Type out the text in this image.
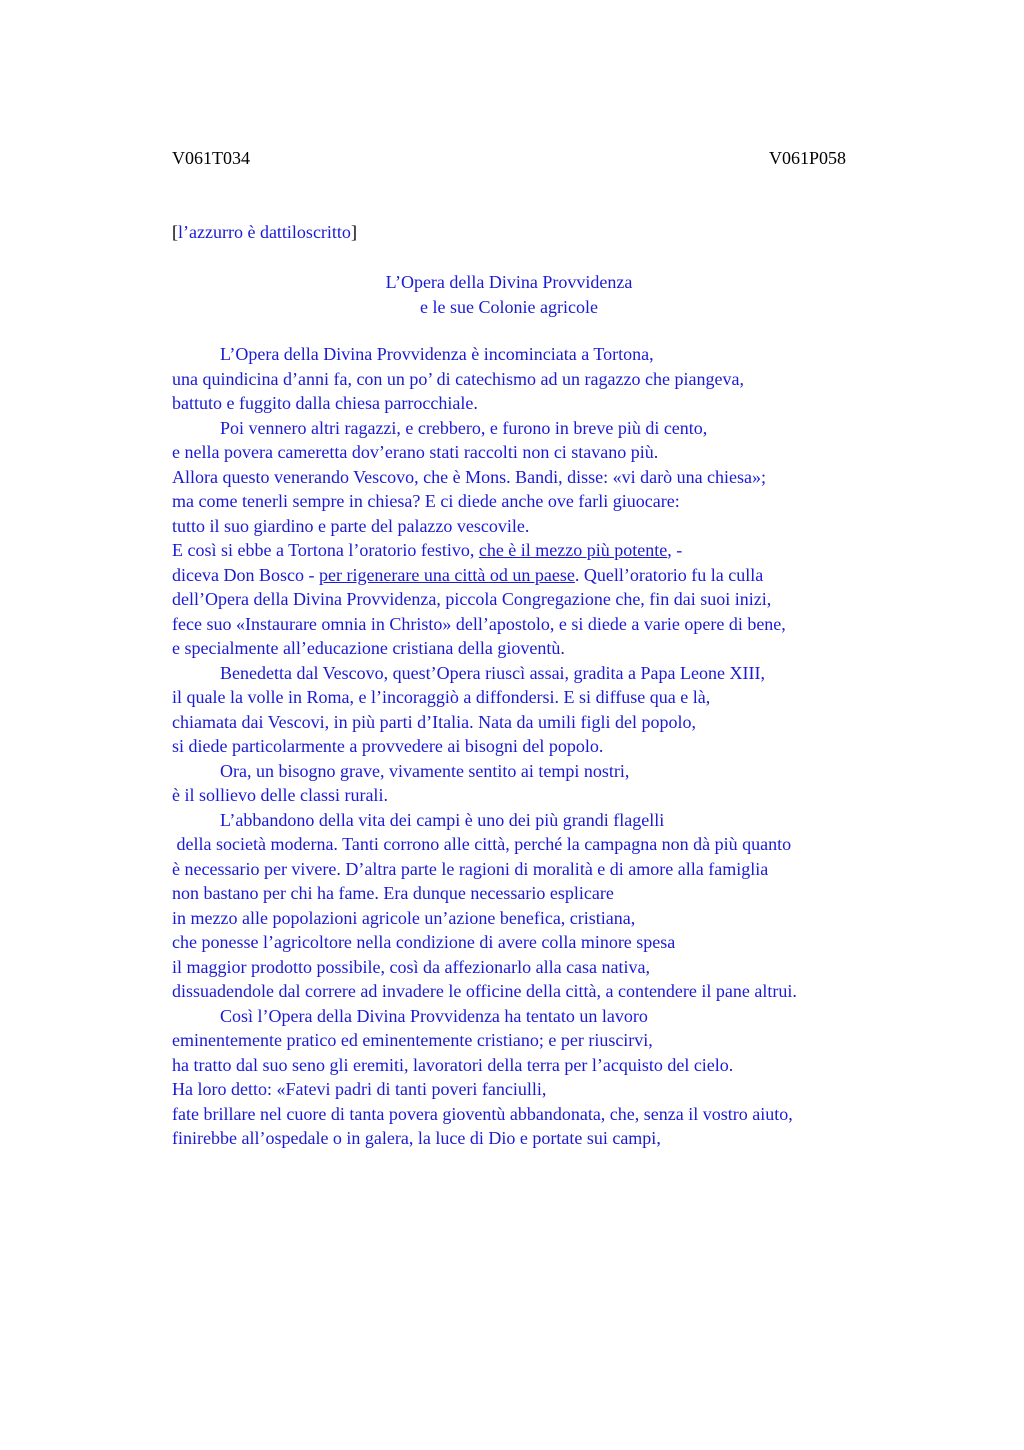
V061T034	V061P058
[l’azzurro è dattiloscritto]
L’Opera della Divina Provvidenza
e le sue Colonie agricole
L’Opera della Divina Provvidenza è incominciata a Tortona,
una quindicina d’anni fa, con un po’ di catechismo ad un ragazzo che piangeva,
battuto e fuggito dalla chiesa parrocchiale.
Poi vennero altri ragazzi, e crebbero, e furono in breve più di cento,
e nella povera cameretta dov’erano stati raccolti non ci stavano più.
Allora questo venerando Vescovo, che è Mons. Bandi, disse: «vi darò una chiesa»;
ma come tenerli sempre in chiesa? E ci diede anche ove farli giuocare:
tutto il suo giardino e parte del palazzo vescovile.
E così si ebbe a Tortona l’oratorio festivo, che è il mezzo più potente, -
diceva Don Bosco - per rigenerare una città od un paese. Quell’oratorio fu la culla
dell’Opera della Divina Provvidenza, piccola Congregazione che, fin dai suoi inizi,
fece suo «Instaurare omnia in Christo» dell’apostolo, e si diede a varie opere di bene,
e specialmente all’educazione cristiana della gioventù.
Benedetta dal Vescovo, quest’Opera riuscì assai, gradita a Papa Leone XIII,
il quale la volle in Roma, e l’incoraggiò a diffondersi. E si diffuse qua e là,
chiamata dai Vescovi, in più parti d’Italia. Nata da umili figli del popolo,
si diede particolarmente a provvedere ai bisogni del popolo.
Ora, un bisogno grave, vivamente sentito ai tempi nostri,
è il sollievo delle classi rurali.
L’abbandono della vita dei campi è uno dei più grandi flagelli
della società moderna. Tanti corrono alle città, perché la campagna non dà più quanto
è necessario per vivere. D’altra parte le ragioni di moralità e di amore alla famiglia
non bastano per chi ha fame. Era dunque necessario esplicare
in mezzo alle popolazioni agricole un’azione benefica, cristiana,
che ponesse l’agricoltore nella condizione di avere colla minore spesa
il maggior prodotto possibile, così da affezionarlo alla casa nativa,
dissuadendole dal correre ad invadere le officine della città, a contendere il pane altrui.
Così l’Opera della Divina Provvidenza ha tentato un lavoro
eminentemente pratico ed eminentemente cristiano; e per riuscirvi,
ha tratto dal suo seno gli eremiti, lavoratori della terra per l’acquisto del cielo.
Ha loro detto: «Fatevi padri di tanti poveri fanciulli,
fate brillare nel cuore di tanta povera gioventù abbandonata, che, senza il vostro aiuto,
finirebbe all’ospedale o in galera, la luce di Dio e portate sui campi,
